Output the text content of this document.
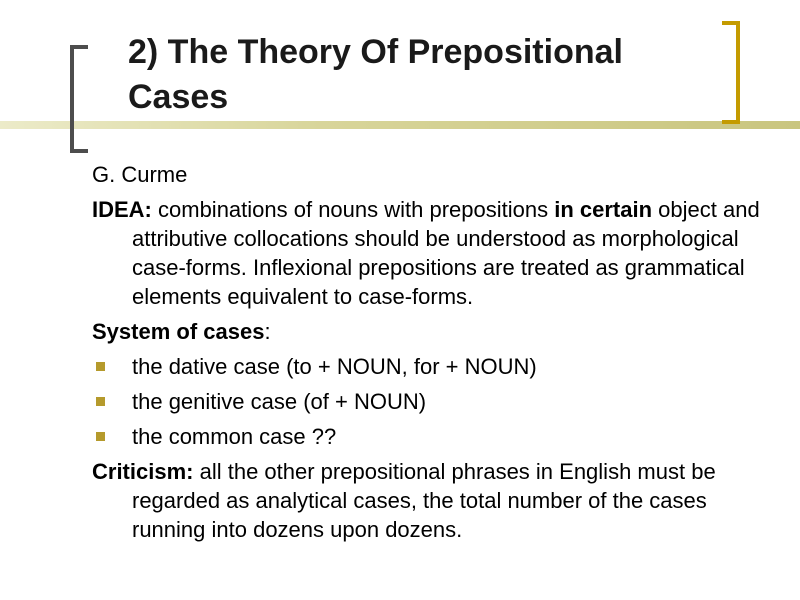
2) The Theory Of Prepositional Cases

G. Curme

IDEA: combinations of nouns with prepositions in certain object and attributive collocations should be understood as morphological case-forms. Inflexional prepositions are treated as grammatical elements equivalent to case-forms.

System of cases:

the dative case (to + NOUN, for + NOUN)
the genitive case (of + NOUN)
the common case ??

Criticism: all the other prepositional phrases in English must be regarded as analytical cases, the total number of the cases running into dozens upon dozens.
